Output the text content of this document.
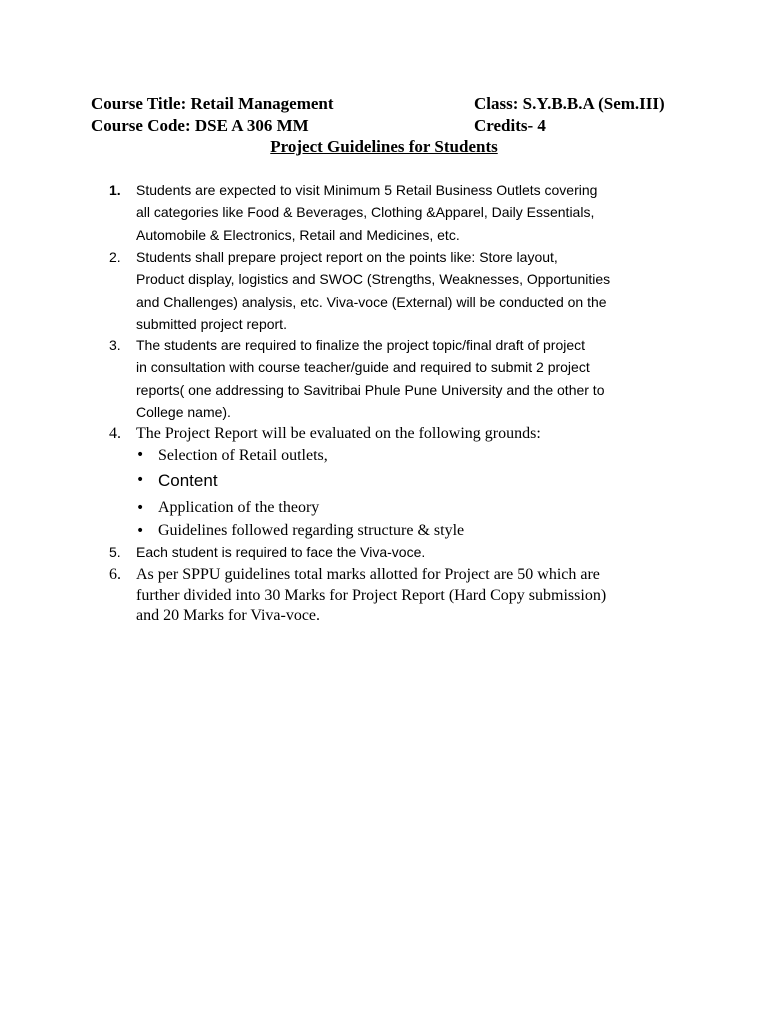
Course Title: Retail Management	Class: S.Y.B.B.A (Sem.III)
Course Code: DSE A 306 MM	Credits- 4
Project Guidelines for Students
1.	Students are expected to visit Minimum 5 Retail Business Outlets covering
all categories like Food & Beverages, Clothing &Apparel, Daily Essentials,
Automobile & Electronics, Retail and Medicines, etc.
2.	Students shall prepare project report on the points like: Store layout,
Product display, logistics and SWOC (Strengths, Weaknesses, Opportunities
and Challenges) analysis, etc. Viva-voce (External) will be conducted on the
submitted project report.
3.	The students are required to finalize the project topic/final draft of project
in consultation with course teacher/guide and required to submit 2 project
reports( one addressing to Savitribai Phule Pune University and the other to
College name).
4. The Project Report will be evaluated on the following grounds:
• Selection of Retail outlets,
• Content
• Application of the theory
• Guidelines followed regarding structure & style
5.	Each student is required to face the Viva-voce.
6. As per SPPU guidelines total marks allotted for Project are 50 which are
further divided into 30 Marks for Project Report (Hard Copy submission)
and 20 Marks for Viva-voce.
